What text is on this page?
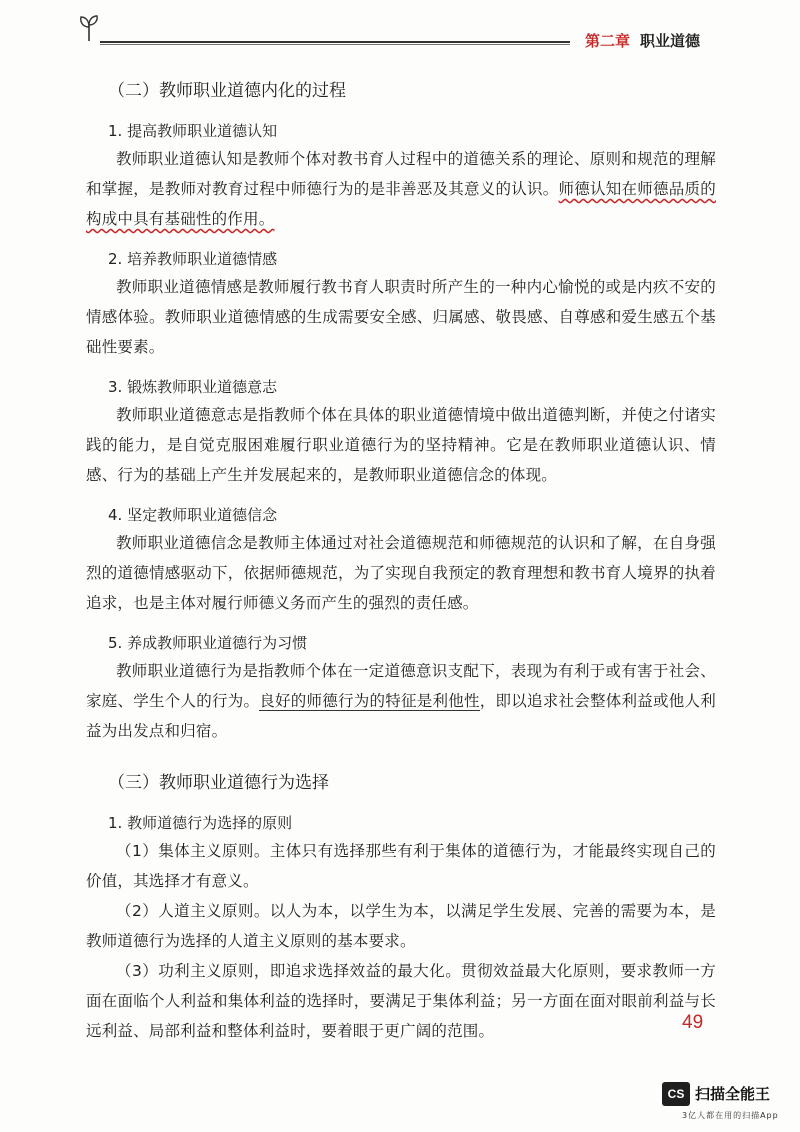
第二章 职业道德
（二）教师职业道德内化的过程
1. 提高教师职业道德认知

教师职业道德认知是教师个体对教书育人过程中的道德关系的理论、原则和规范的理解和掌握，是教师对教育过程中师德行为的是非善恶及其意义的认识。师德认知在师德品质的构成中具有基础性的作用。

2. 培养教师职业道德情感

教师职业道德情感是教师履行教书育人职责时所产生的一种内心愉悦的或是内疚不安的情感体验。教师职业道德情感的生成需要安全感、归属感、敬畏感、自尊感和爱生感五个基础性要素。

3. 锻炼教师职业道德意志

教师职业道德意志是指教师个体在具体的职业道德情境中做出道德判断，并使之付诸实践的能力，是自觉克服困难履行职业道德行为的坚持精神。它是在教师职业道德认识、情感、行为的基础上产生并发展起来的，是教师职业道德信念的体现。

4. 坚定教师职业道德信念

教师职业道德信念是教师主体通过对社会道德规范和师德规范的认识和了解，在自身强烈的道德情感驱动下，依据师德规范，为了实现自我预定的教育理想和教书育人境界的执着追求，也是主体对履行师德义务而产生的强烈的责任感。

5. 养成教师职业道德行为习惯

教师职业道德行为是指教师个体在一定道德意识支配下，表现为有利于或有害于社会、家庭、学生个人的行为。良好的师德行为的特征是利他性，即以追求社会整体利益或他人利益为出发点和归宿。

（三）教师职业道德行为选择
1. 教师道德行为选择的原则

（1）集体主义原则。主体只有选择那些有利于集体的道德行为，才能最终实现自己的价值，其选择才有意义。

（2）人道主义原则。以人为本，以学生为本，以满足学生发展、完善的需要为本，是教师道德行为选择的人道主义原则的基本要求。

（3）功利主义原则，即追求选择效益的最大化。贯彻效益最大化原则，要求教师一方面在面临个人利益和集体利益的选择时，要满足于集体利益；另一方面在面对眼前利益与长远利益、局部利益和整体利益时，要着眼于更广阔的范围。	49
CS 扫描全能王
3亿人都在用的扫描App
